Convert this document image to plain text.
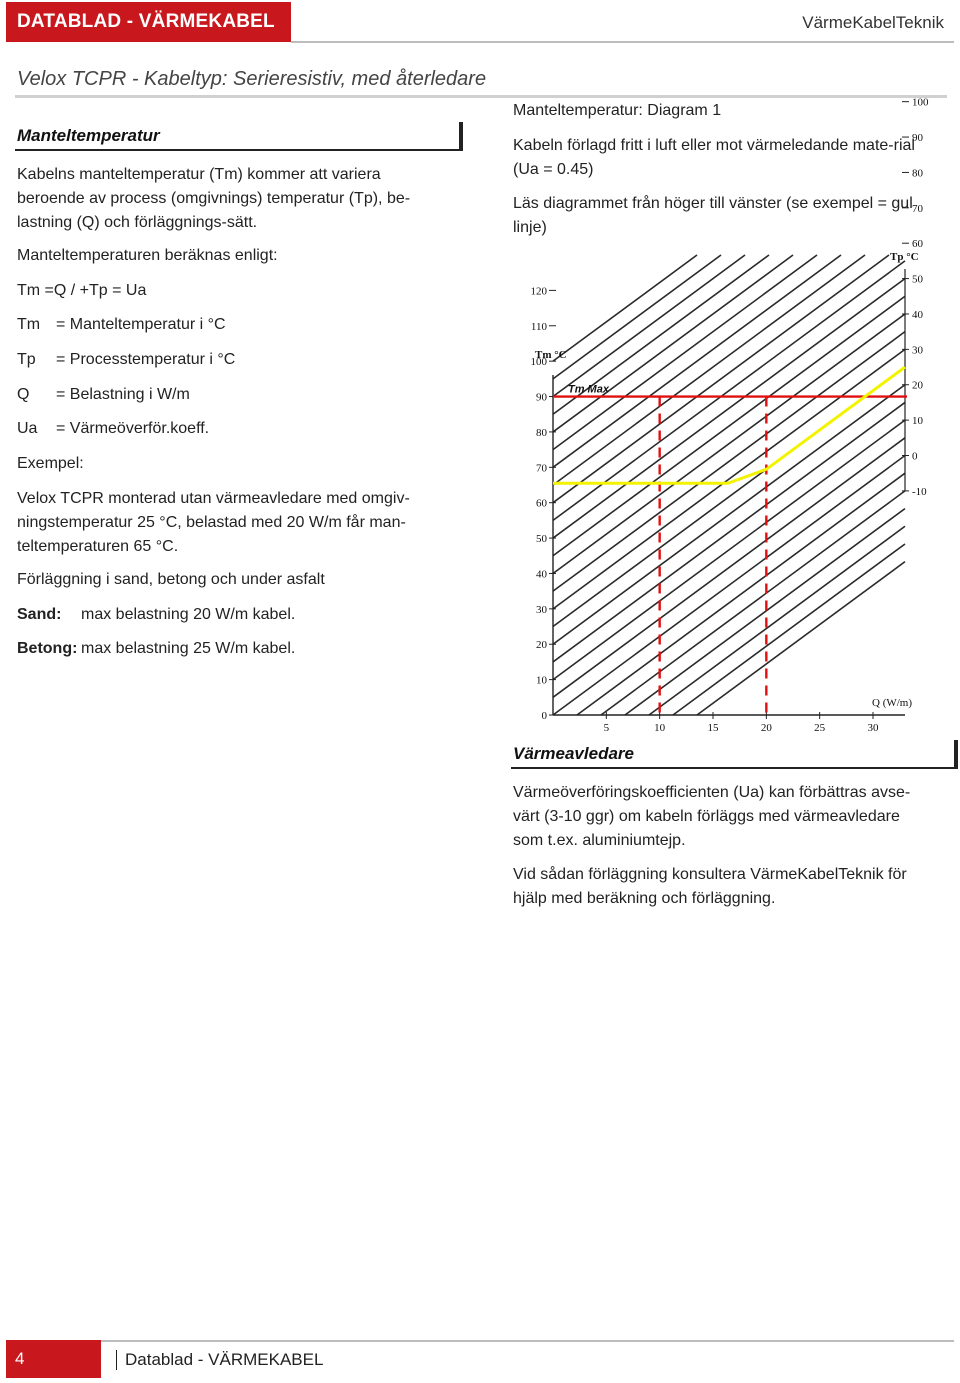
DATABLAD - VÄRMEKABEL	VärmeKabelTeknik
Velox TCPR - Kabeltyp: Serieresistiv, med återledare
Manteltemperatur
Kabelns manteltemperatur (Tm) kommer att variera
beroende av process (omgivnings) temperatur (Tp), be-
lastning (Q) och förläggnings-sätt.
Manteltemperaturen beräknas enligt:
Tm =Q / +Tp = Ua
Tm = Manteltemperatur i °C
Tp = Processtemperatur i °C
Q = Belastning i W/m
Ua = Värmeöverför.koeff.
Exempel:
Velox TCPR monterad utan värmeavledare med omgiv-
ningstemperatur 25 °C, belastad med 20 W/m får man-
teltemperaturen 65 °C.
Förläggning i sand, betong och under asfalt
Sand: max belastning 20 W/m kabel.
Betong: max belastning 25 W/m kabel.
Manteltemperatur: Diagram 1
Kabeln förlagd fritt i luft eller mot värmeledande mate-rial
(Ua = 0.45)
Läs diagrammet från höger till vänster (se exempel = gul
linje)
0
10
20
30
40
50
60
70
80
90
100
110
120
Tm °C
5	10	15	20	25	30
Q (W/m)
-10
0
10
20
30
40
50
60
70
80
90
100
Tp °C
Tm Max
Värmeavledare
Värmeöverföringskoefficienten (Ua) kan förbättras avse-
värt (3-10 ggr) om kabeln förläggs med värmeavledare
som t.ex. aluminiumtejp.
Vid sådan förläggning konsultera VärmeKabelTeknik för
hjälp med beräkning och förläggning.
4	Datablad - VÄRMEKABEL
